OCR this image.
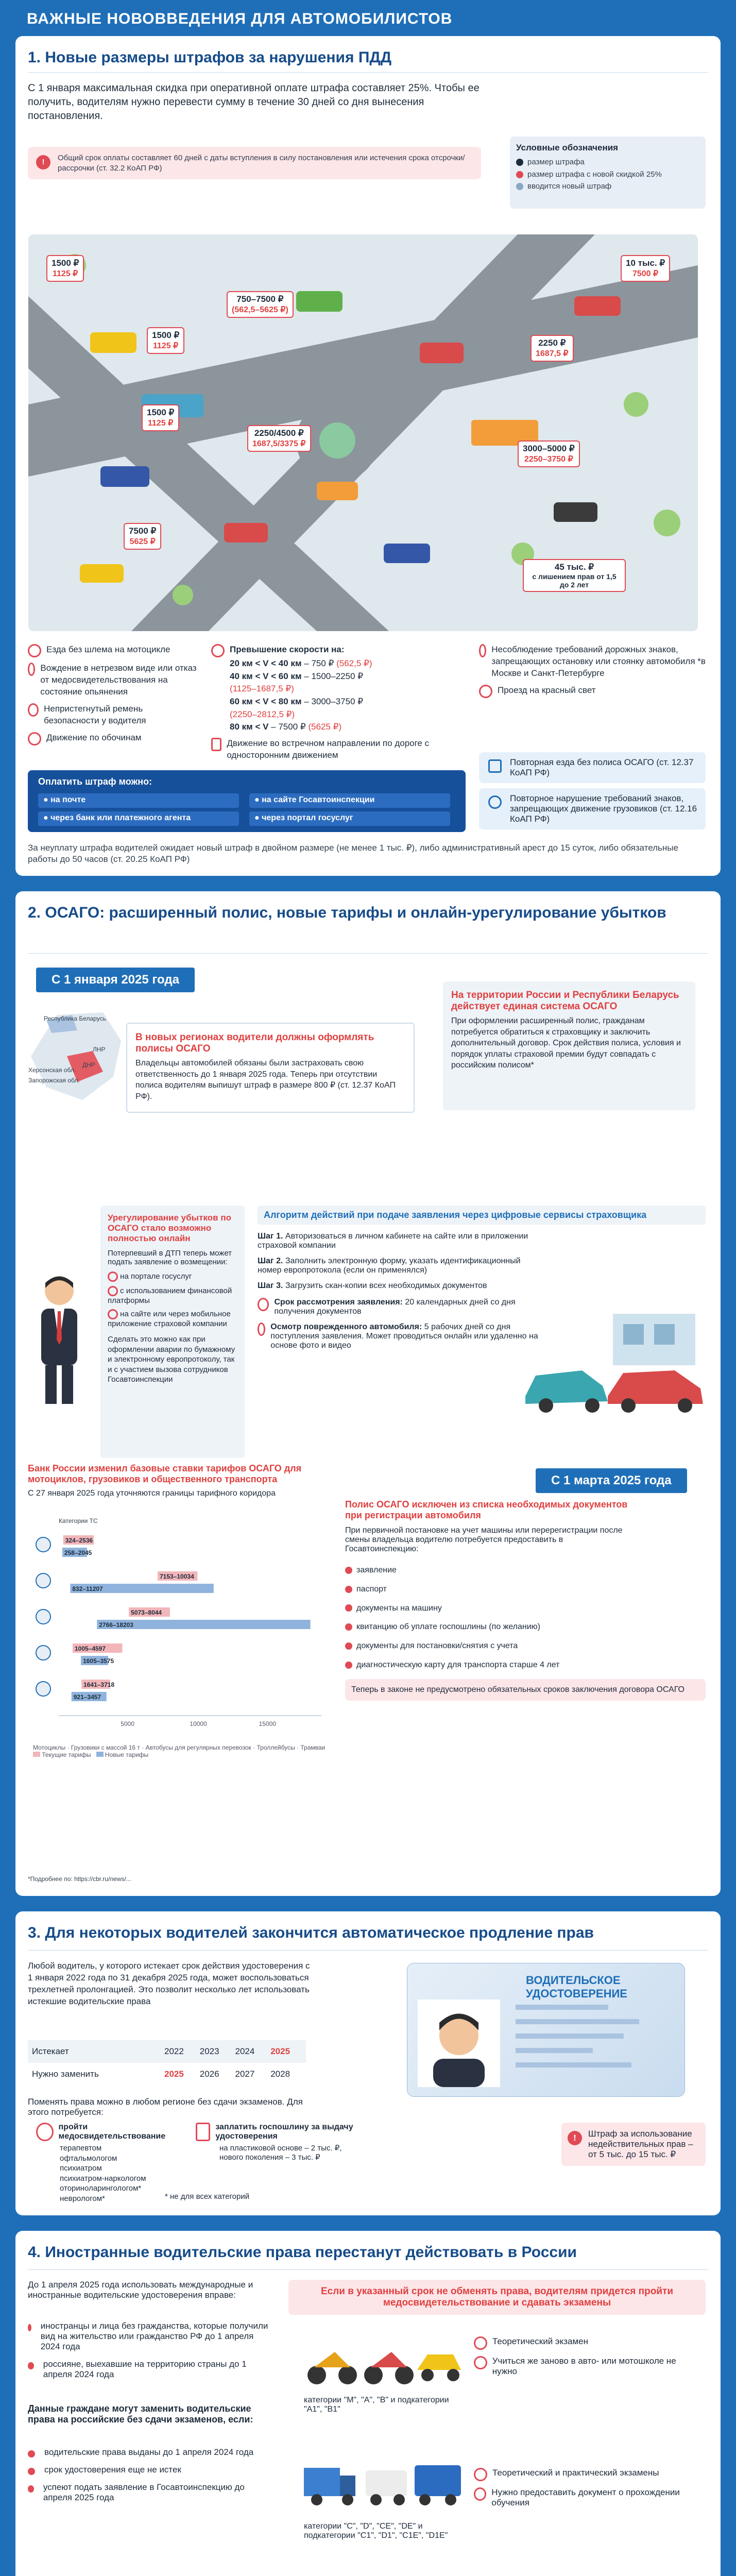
ВАЖНЫЕ НОВОВВЕДЕНИЯ ДЛЯ АВТОМОБИЛИСТОВ
1. Новые размеры штрафов за нарушения ПДД
С 1 января максимальная скидка при оперативной оплате штрафа составляет 25%. Чтобы ее получить, водителям нужно перевести сумму в течение 30 дней со дня вынесения постановления.
!	Общий срок оплаты составляет 60 дней с даты вступления в силу постановления или истечения срока отсрочки/рассрочки (ст. 32.2 КоАП РФ)
Условные обозначения
размер штрафа
размер штрафа с новой скидкой 25%
вводится новый штраф
1500 ₽
1125 ₽
750–7500 ₽
(562,5–5625 ₽)
10 тыс. ₽
7500 ₽
1500 ₽
1125 ₽	2250 ₽
1687,5 ₽
1500 ₽
1125 ₽
2250/4500 ₽
1687,5/3375 ₽	3000–5000 ₽
2250–3750 ₽
7500 ₽
5625 ₽
45 тыс. ₽
с лишением прав от 1,5 до 2 лет
Езда без шлема на мотоцикле
Вождение в нетрезвом виде или отказ от медосвидетельствования на состояние опьянения
Непристегнутый ремень безопасности у водителя
Движение по обочинам
Превышение скорости на:
20 км < V < 40 км – 750 ₽ (562,5 ₽)
40 км < V < 60 км – 1500–2250 ₽
(1125–1687,5 ₽)
60 км < V < 80 км – 3000–3750 ₽
(2250–2812,5 ₽)
80 км < V – 7500 ₽ (5625 ₽)
Движение во встречном направлении по дороге с односторонним движением
Несоблюдение требований дорожных знаков, запрещающих остановку или стоянку автомобиля *в Москве и Санкт-Петербурге
Проезд на красный свет
Повторная езда без полиса ОСАГО (ст. 12.37 КоАП РФ)
Повторное нарушение требований знаков, запрещающих движение грузовиков (ст. 12.16 КоАП РФ)
Оплатить штраф можно:
● на почте	● на сайте Госавтоинспекции
● через банк или платежного агента	● через портал госуслуг
За неуплату штрафа водителей ожидает новый штраф в двойном размере (не менее 1 тыс. ₽), либо административный арест до 15 суток, либо обязательные работы до 50 часов (ст. 20.25 КоАП РФ)
2. ОСАГО: расширенный полис, новые тарифы и онлайн-урегулирование убытков
С 1 января 2025 года
Республика Беларусь
Херсонская обл.
Запорожская обл.
ДНР
ЛНР
В новых регионах водители должны оформлять полисы ОСАГО
Владельцы автомобилей обязаны были застраховать свою ответственность до 1 января 2025 года. Теперь при отсутствии полиса водителям выпишут штраф в размере 800 ₽ (ст. 12.37 КоАП РФ).
На территории России и Республики Беларусь действует единая система ОСАГО
При оформлении расширенный полис, гражданам потребуется обратиться к страховщику и заключить дополнительный договор. Срок действия полиса, условия и порядок уплаты страховой премии будут совпадать с российским полисом*
Урегулирование убытков по ОСАГО стало возможно полностью онлайн
Потерпевший в ДТП теперь может подать заявление о возмещении:
на портале госуслуг
с использованием финансовой платформы
на сайте или через мобильное приложение страховой компании
Сделать это можно как при оформлении аварии по бумажному и электронному европротоколу, так и с участием вызова сотрудников Госавтоинспекции
Алгоритм действий при подаче заявления через цифровые сервисы страховщика
Шаг 1. Авторизоваться в личном кабинете на сайте или в приложении страховой компании
Шаг 2. Заполнить электронную форму, указать идентификационный номер европротокола (если он применялся)
Шаг 3. Загрузить скан-копии всех необходимых документов
Срок рассмотрения заявления: 20 календарных дней со дня получения документов
Осмотр поврежденного автомобиля: 5 рабочих дней со дня поступления заявления. Может проводиться онлайн или удаленно на основе фото и видео
Банк России изменил базовые ставки тарифов ОСАГО для мотоциклов, грузовиков и общественного транспорта
С 27 января 2025 года уточняются границы тарифного коридора
Категории ТС
324–2536
258–2045
7153–10034
832–11207
5073–8044
2766–18203
1005–4597
1605–3575
1641–3718
921–3457
5000	10000	15000
Мотоциклы · Грузовики с массой 16 т · Автобусы для регулярных перевозок · Троллейбусы · Трамваи
Текущие тарифы Новые тарифы
С 1 марта 2025 года
Полис ОСАГО исключен из списка необходимых документов при регистрации автомобиля
При первичной постановке на учет машины или перерегистрации после смены владельца водителю потребуется предоставить в Госавтоинспекцию:
заявление
паспорт
документы на машину
квитанцию об уплате госпошлины (по желанию)
документы для постановки/снятия с учета
диагностическую карту для транспорта старше 4 лет
Теперь в законе не предусмотрено обязательных сроков заключения договора ОСАГО
*Подробнее по: https://cbr.ru/news/...
3. Для некоторых водителей закончится автоматическое продление прав
Любой водитель, у которого истекает срок действия удостоверения с 1 января 2022 года по 31 декабря 2025 года, может воспользоваться трехлетней пролонгацией. Это позволит несколько лет использовать истекшие водительские права
Истекает	2022	2023	2024	2025
Нужно заменить	2025	2026	2027	2028
ВОДИТЕЛЬСКОЕ УДОСТОВЕРЕНИЕ
Поменять права можно в любом регионе без сдачи экзаменов. Для этого потребуется:
пройти медосвидетельствование
терапевтом
офтальмологом
психиатром
психиатром-наркологом
оториноларингологом*
неврологом*	* не для всех категорий
заплатить госпошлину за выдачу удостоверения
на пластиковой основе – 2 тыс. ₽, нового поколения – 3 тыс. ₽
!	Штраф за использование недействительных прав – от 5 тыс. до 15 тыс. ₽
4. Иностранные водительские права перестанут действовать в России
До 1 апреля 2025 года использовать международные и иностранные водительские удостоверения вправе:
иностранцы и лица без гражданства, которые получили вид на жительство или гражданство РФ до 1 апреля 2024 года
россияне, выехавшие на территорию страны до 1 апреля 2024 года
Данные граждане могут заменить водительские права на российские без сдачи экзаменов, если:
водительские права выданы до 1 апреля 2024 года
срок удостоверения еще не истек
успеют подать заявление в Госавтоинспекцию до апреля 2025 года
Если в указанный срок не обменять права, водителям придется пройти медосвидетельствование и сдавать экзамены
категории "М", "А", "В" и подкатегории "А1", "В1"
Теоретический экзамен
Учиться же заново в авто- или мотошколе не нужно
категории "С", "D", "CE", "DE" и подкатегории "С1", "D1", "С1Е", "D1E"
Теоретический и практический экзамены
Нужно предоставить документ о прохождении обучения
